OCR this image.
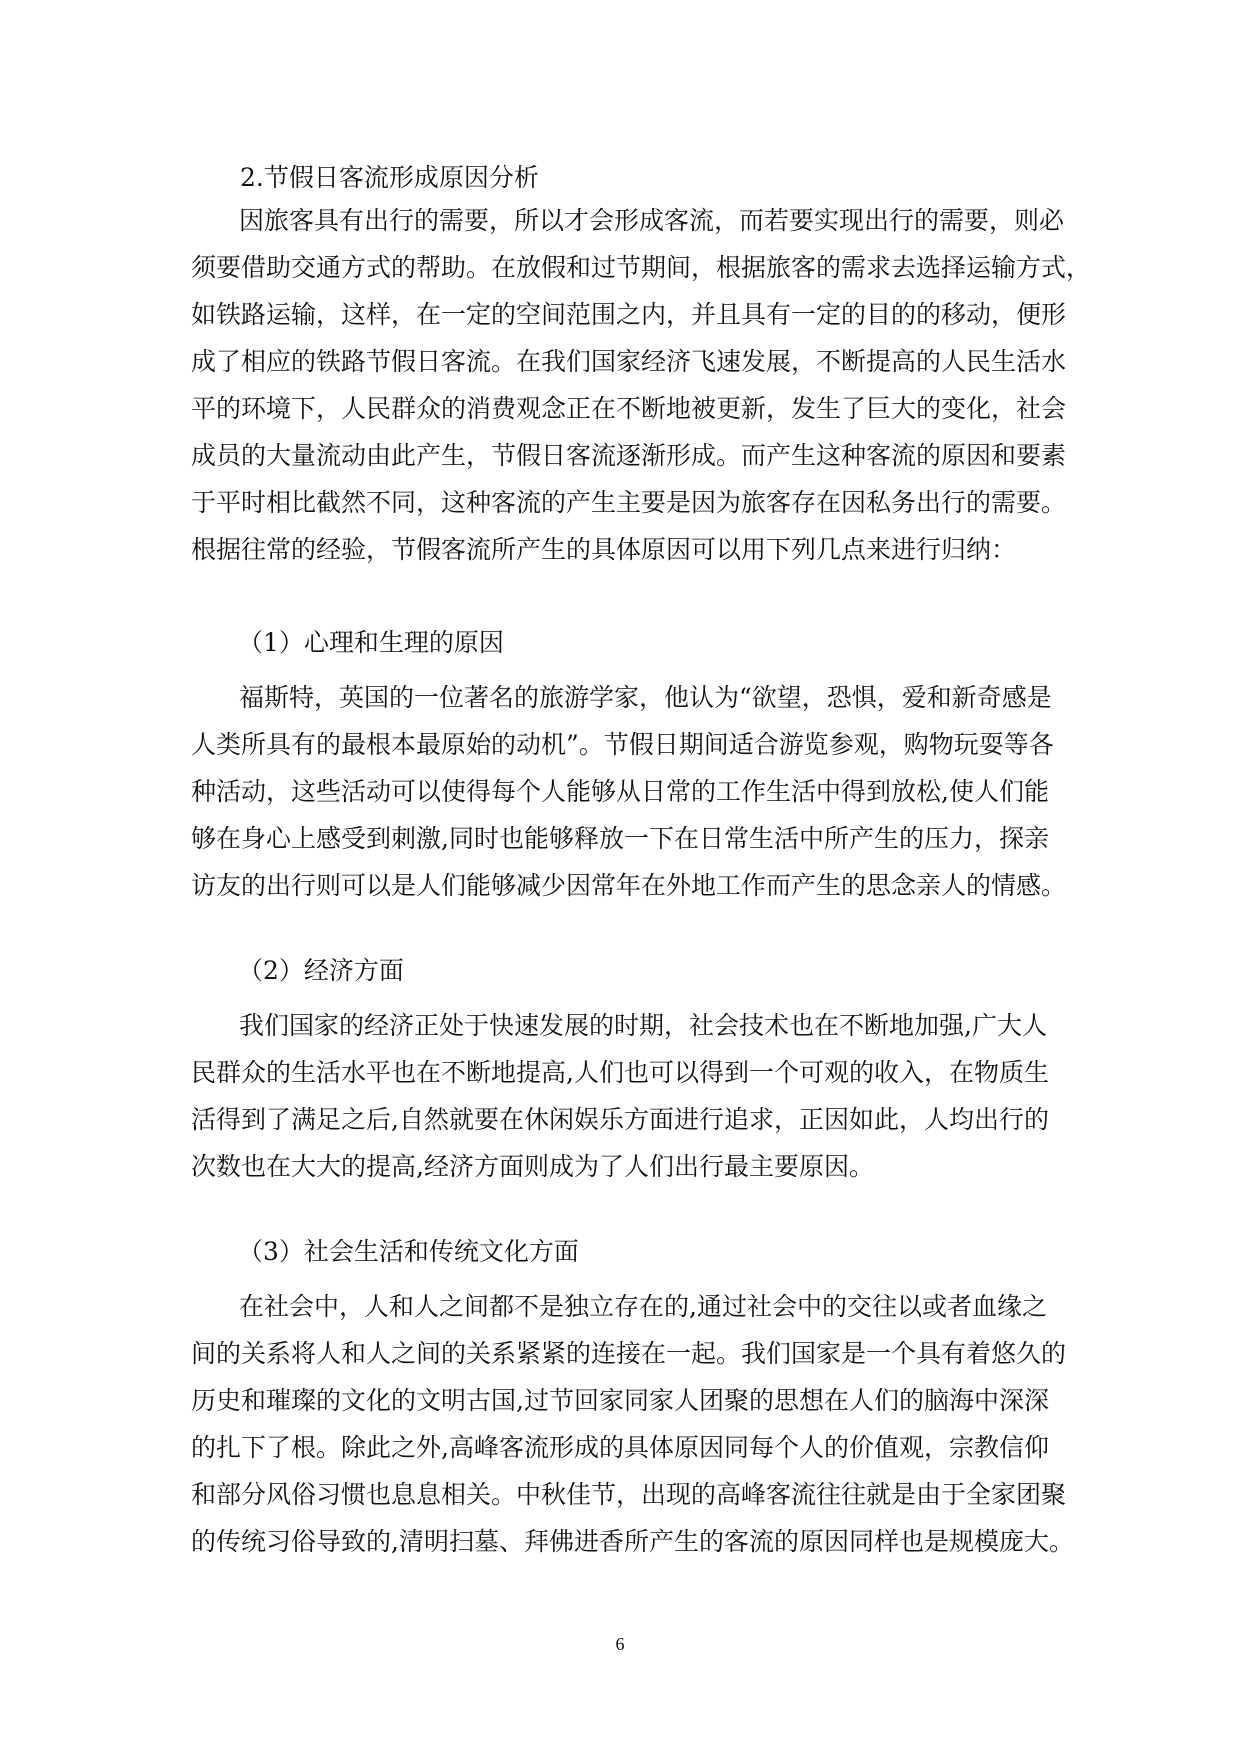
2.节假日客流形成原因分析

因旅客具有出行的需要，所以才会形成客流，而若要实现出行的需要，则必
须要借助交通方式的帮助。在放假和过节期间，根据旅客的需求去选择运输方式，
如铁路运输，这样，在一定的空间范围之内，并且具有一定的目的的移动，便形
成了相应的铁路节假日客流。在我们国家经济飞速发展，不断提高的人民生活水
平的环境下，人民群众的消费观念正在不断地被更新，发生了巨大的变化，社会
成员的大量流动由此产生，节假日客流逐渐形成。而产生这种客流的原因和要素
于平时相比截然不同，这种客流的产生主要是因为旅客存在因私务出行的需要。
根据往常的经验，节假客流所产生的具体原因可以用下列几点来进行归纳：

（1）心理和生理的原因

福斯特，英国的一位著名的旅游学家，他认为“欲望，恐惧，爱和新奇感是
人类所具有的最根本最原始的动机”。节假日期间适合游览参观，购物玩耍等各
种活动，这些活动可以使得每个人能够从日常的工作生活中得到放松,使人们能
够在身心上感受到刺激,同时也能够释放一下在日常生活中所产生的压力，探亲
访友的出行则可以是人们能够减少因常年在外地工作而产生的思念亲人的情感。

（2）经济方面

我们国家的经济正处于快速发展的时期，社会技术也在不断地加强,广大人
民群众的生活水平也在不断地提高,人们也可以得到一个可观的收入，在物质生
活得到了满足之后,自然就要在休闲娱乐方面进行追求，正因如此，人均出行的
次数也在大大的提高,经济方面则成为了人们出行最主要原因。

（3）社会生活和传统文化方面

在社会中，人和人之间都不是独立存在的,通过社会中的交往以或者血缘之
间的关系将人和人之间的关系紧紧的连接在一起。我们国家是一个具有着悠久的
历史和璀璨的文化的文明古国,过节回家同家人团聚的思想在人们的脑海中深深
的扎下了根。除此之外,高峰客流形成的具体原因同每个人的价值观，宗教信仰
和部分风俗习惯也息息相关。中秋佳节，出现的高峰客流往往就是由于全家团聚
的传统习俗导致的,清明扫墓、拜佛进香所产生的客流的原因同样也是规模庞大。

6
